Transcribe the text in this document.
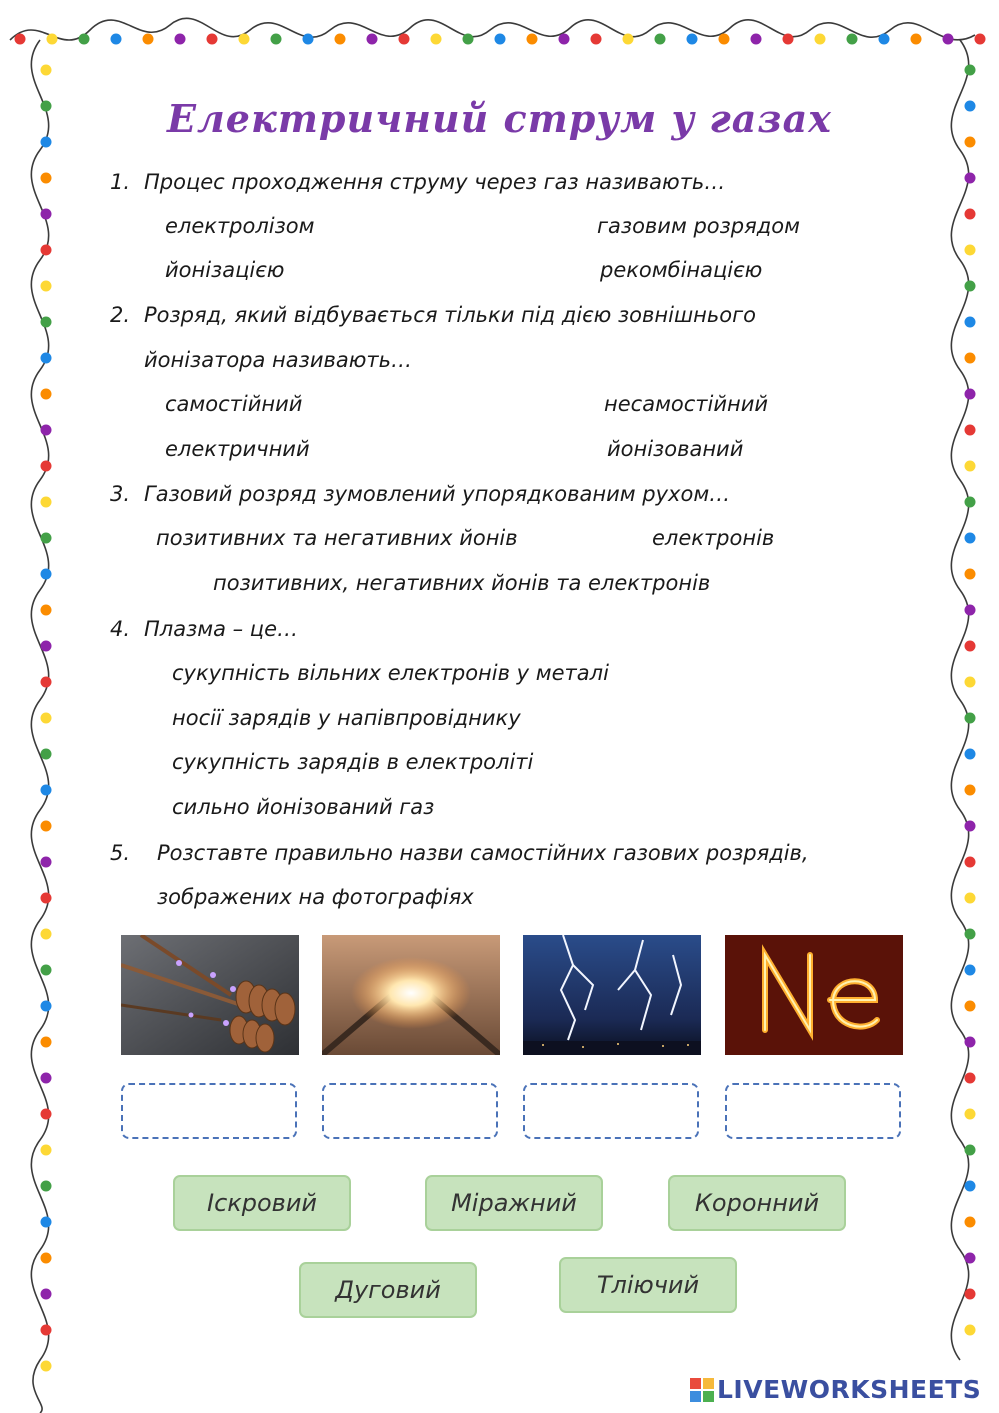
Електричний струм у газах
1. Процес проходження струму через газ називають…
електролізом	газовим розрядом
йонізацією	рекомбінацією
2. Розряд, який відбувається тільки під дією зовнішнього
йонізатора називають…
самостійний	несамостійний
електричний	йонізований
3. Газовий розряд зумовлений упорядкованим рухом…
позитивних та негативних йонів	електронів
позитивних, негативних йонів та електронів
4. Плазма – це…
сукупність вільних електронів у металі
носії зарядів у напівпровіднику
сукупність зарядів в електроліті
сильно йонізований газ
5. Розставте правильно назви самостійних газових розрядів,
зображених на фотографіях
Іскровий	Міражний	Коронний
Дуговий	Тліючий
LIVEWORKSHEETS
